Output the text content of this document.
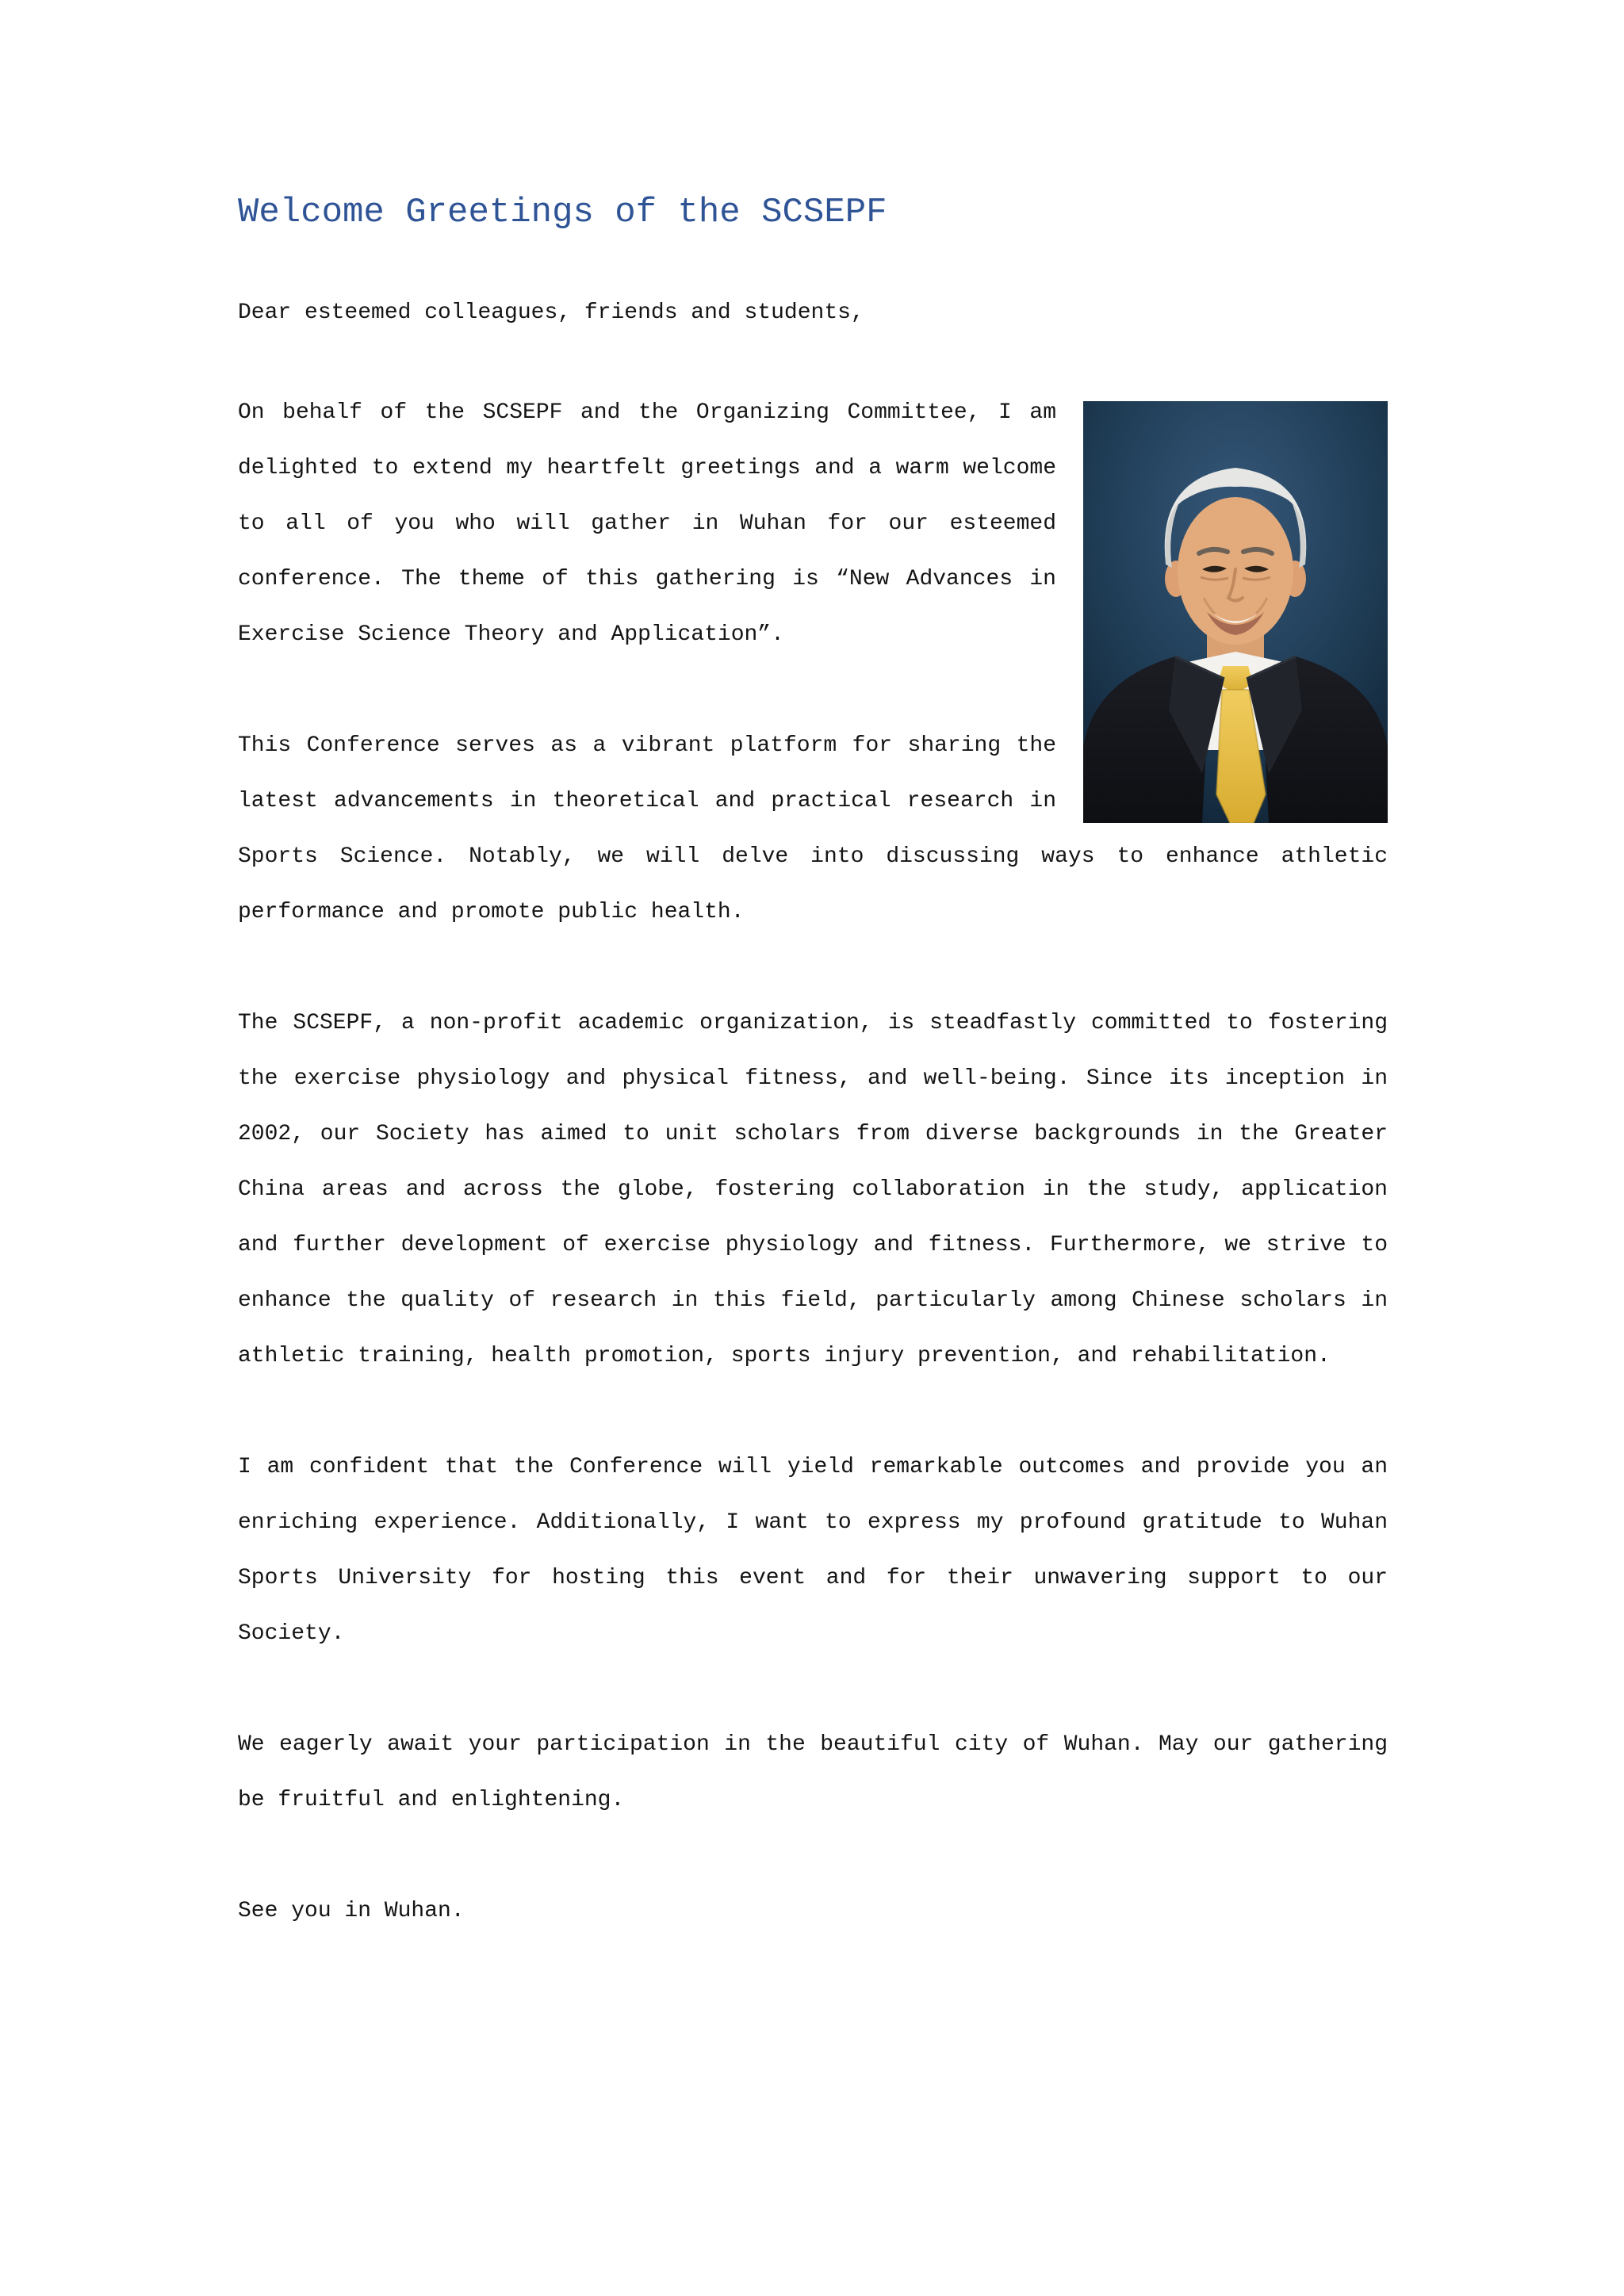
Welcome Greetings of the SCSEPF

Dear esteemed colleagues, friends and students,

On behalf of the SCSEPF and the Organizing Committee, I am delighted to extend my heartfelt greetings and a warm welcome to all of you who will gather in Wuhan for our esteemed conference. The theme of this gathering is “New Advances in Exercise Science Theory and Application”.

This Conference serves as a vibrant platform for sharing the latest advancements in theoretical and practical research in Sports Science. Notably, we will delve into discussing ways to enhance athletic performance and promote public health.

The SCSEPF, a non-profit academic organization, is steadfastly committed to fostering the exercise physiology and physical fitness, and well-being. Since its inception in 2002, our Society has aimed to unit scholars from diverse backgrounds in the Greater China areas and across the globe, fostering collaboration in the study, application and further development of exercise physiology and fitness. Furthermore, we strive to enhance the quality of research in this field, particularly among Chinese scholars in athletic training, health promotion, sports injury prevention, and rehabilitation.

I am confident that the Conference will yield remarkable outcomes and provide you an enriching experience. Additionally, I want to express my profound gratitude to Wuhan Sports University for hosting this event and for their unwavering support to our Society.

We eagerly await your participation in the beautiful city of Wuhan. May our gathering be fruitful and enlightening.

See you in Wuhan.
